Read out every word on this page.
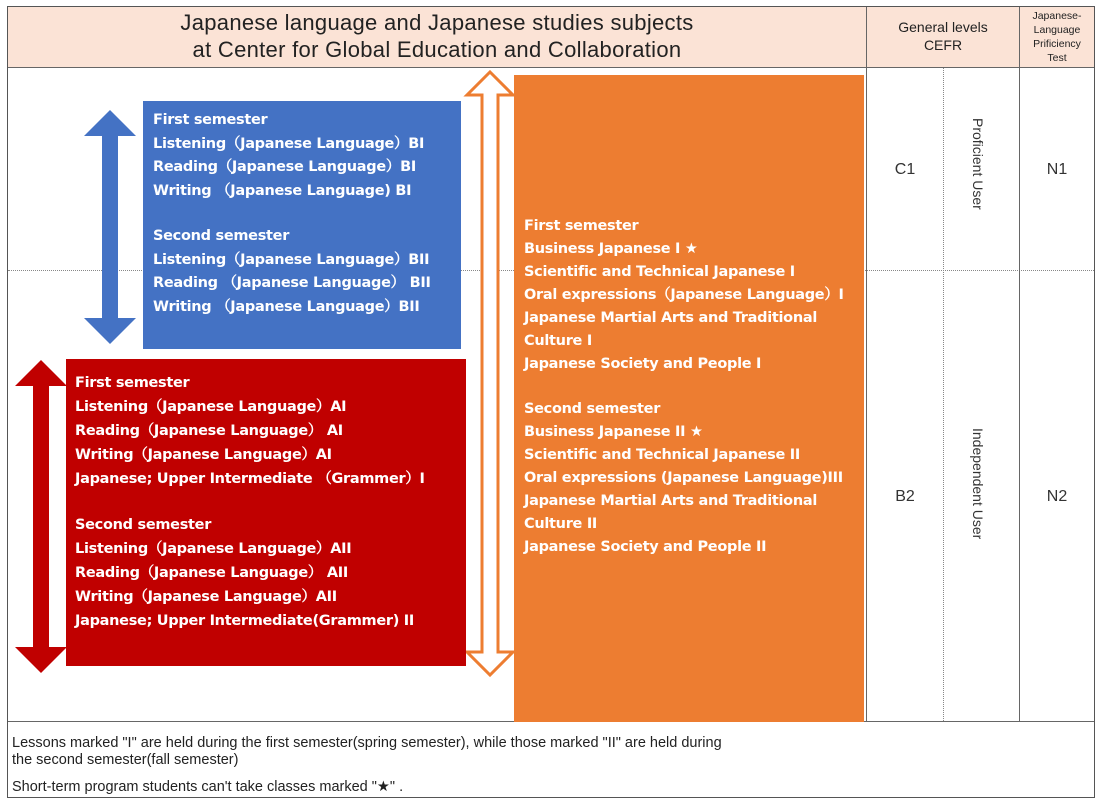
Japanese language and Japanese studies subjects
at Center for Global Education and Collaboration
General levels
CEFR
Japanese-
Language
Prificiency
Test
C1	N1
Proficient User
B2	N2
Independent User
First semester
Listening（Japanese Language）BI
Reading（Japanese Language）BI
Writing （Japanese Language) BI
Second semester
Listening（Japanese Language）BII
Reading （Japanese Language） BII
Writing （Japanese Language）BII
First semester
Listening（Japanese Language）AI
Reading（Japanese Language） AI
Writing（Japanese Language）AI
Japanese; Upper Intermediate （Grammer）I
Second semester
Listening（Japanese Language）AII
Reading（Japanese Language） AII
Writing（Japanese Language）AII
Japanese; Upper Intermediate(Grammer) II
First semester
Business Japanese I ★
Scientific and Technical Japanese I
Oral expressions（Japanese Language）I
Japanese Martial Arts and Traditional
Culture I
Japanese Society and People I
Second semester
Business Japanese II ★
Scientific and Technical Japanese II
Oral expressions (Japanese Language)III
Japanese Martial Arts and Traditional
Culture II
Japanese Society and People II
Lessons marked "I" are held during the first semester(spring semester), while those marked "II" are held during
the second semester(fall semester)
Short-term program students can't take classes marked "★" .
